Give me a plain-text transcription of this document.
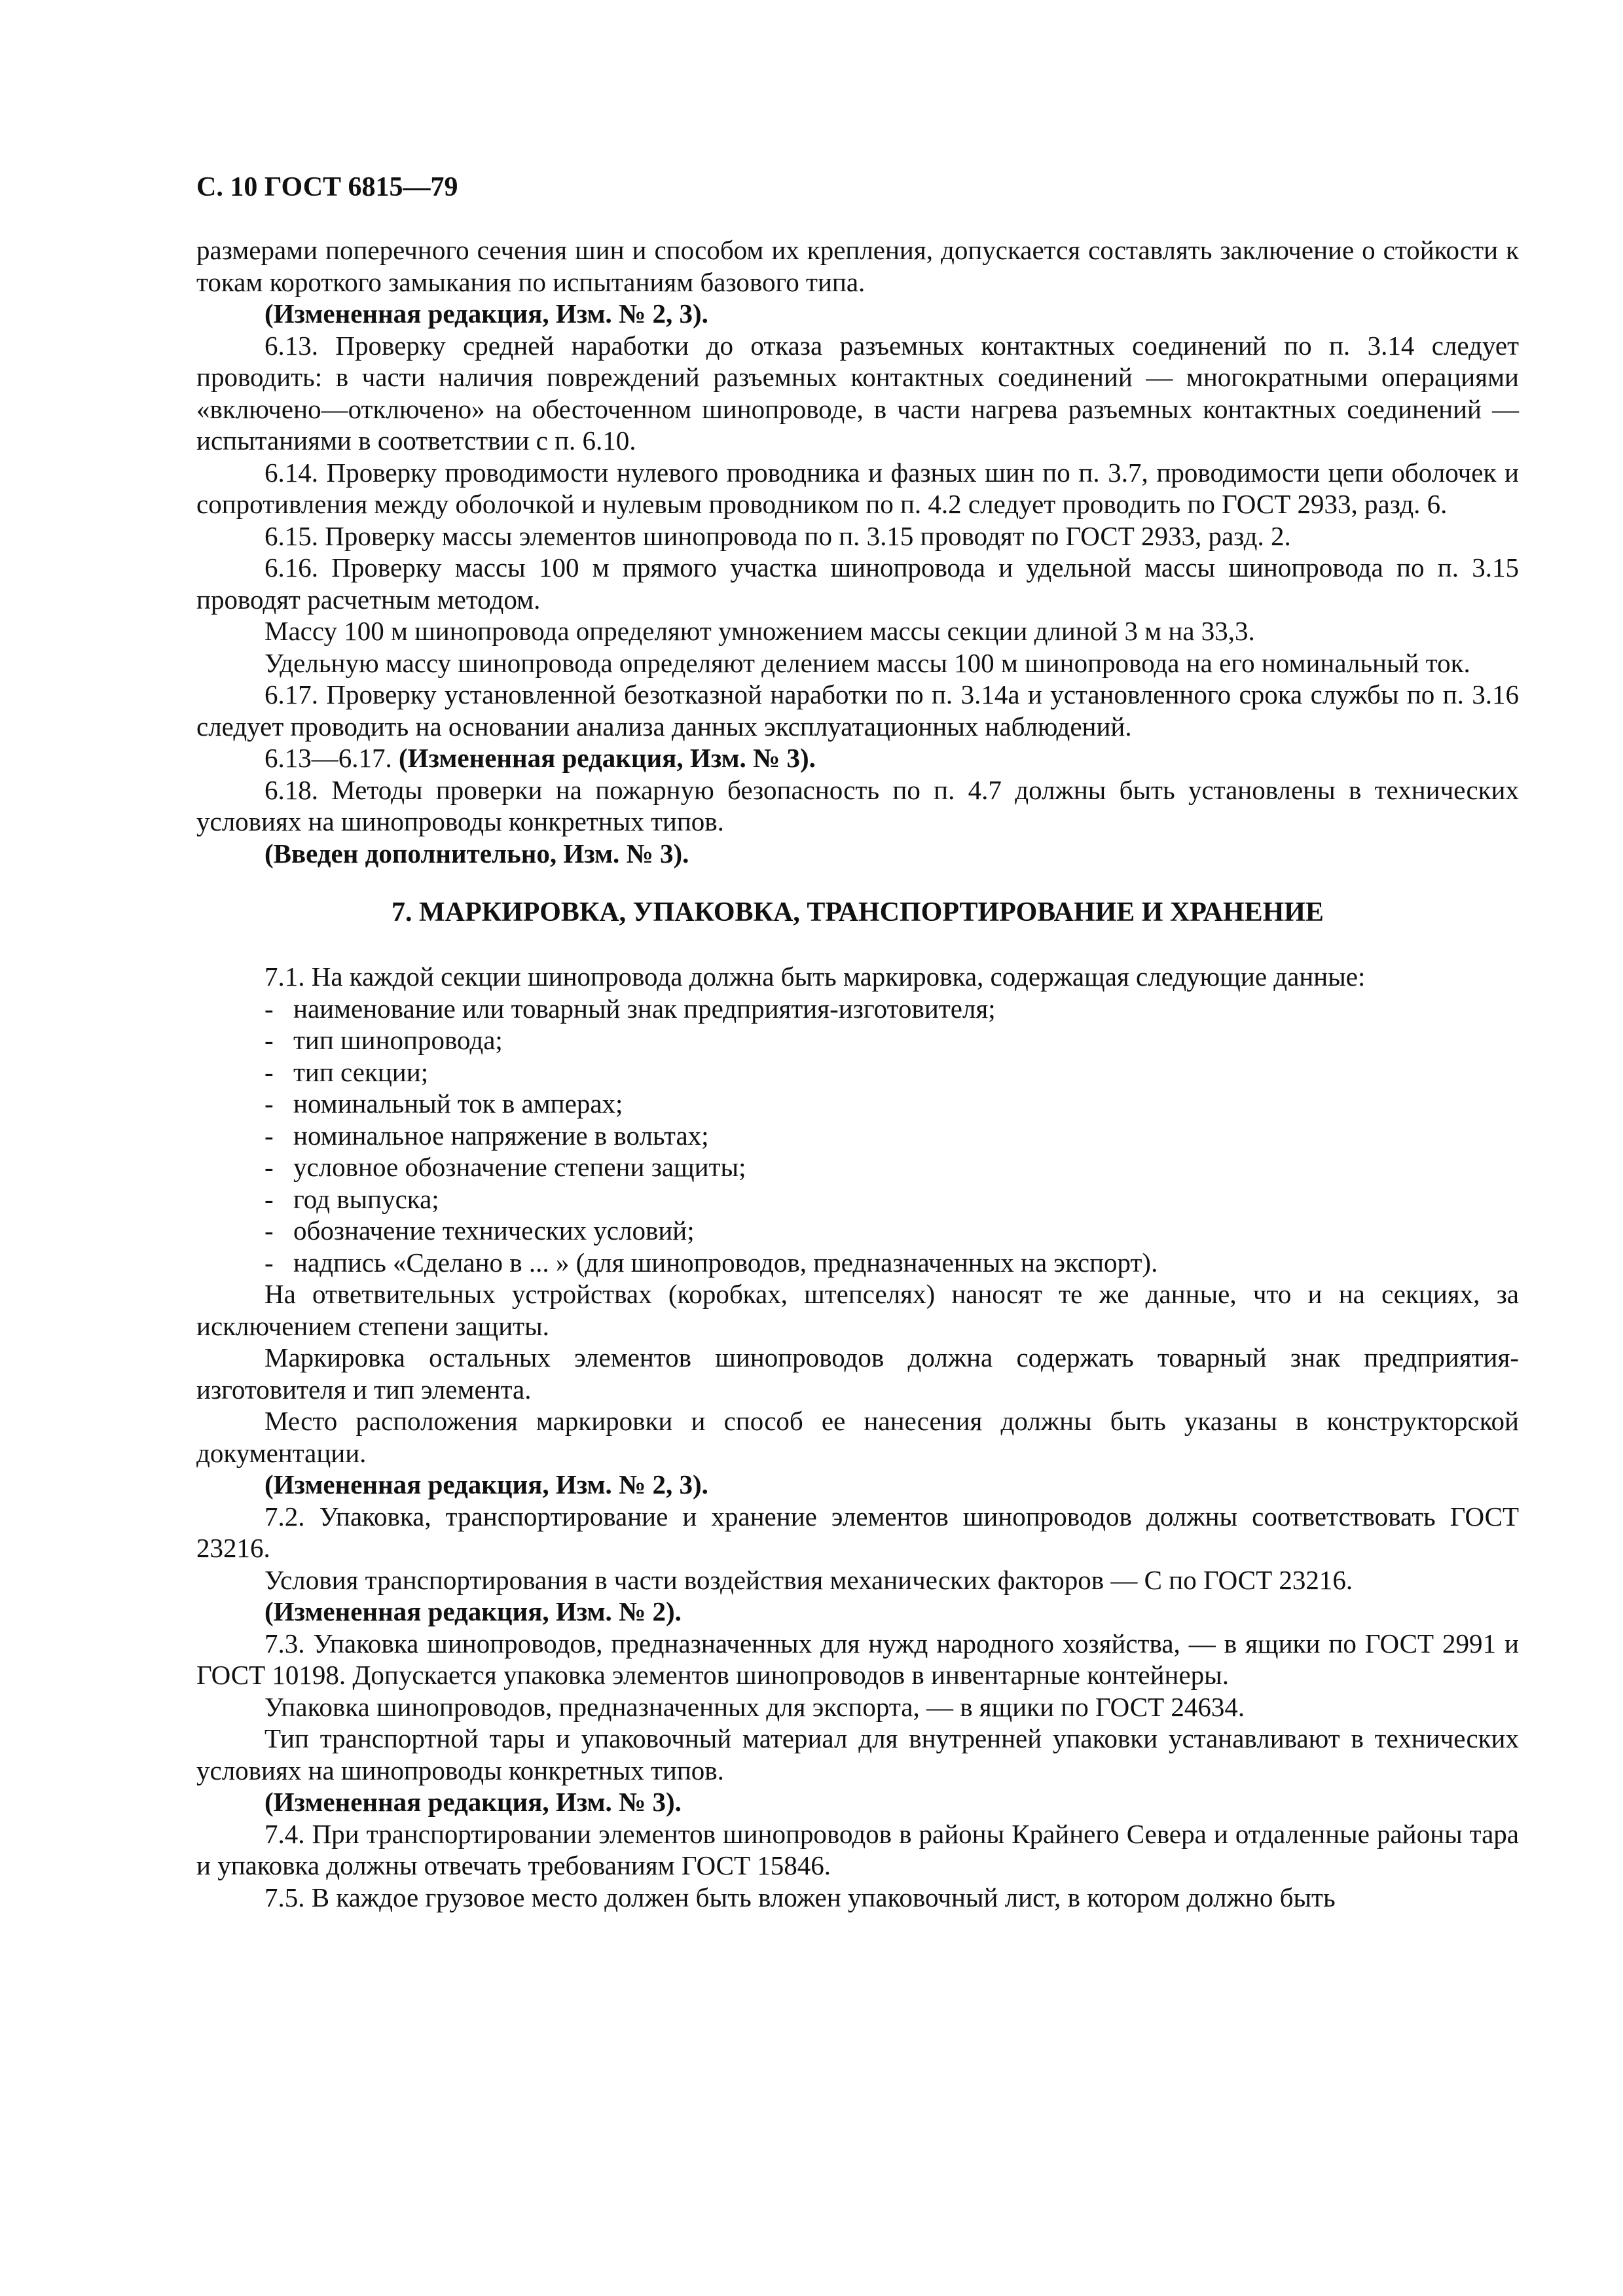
С. 10 ГОСТ 6815—79

размерами поперечного сечения шин и способом их крепления, допускается составлять заключение о стойкости к токам короткого замыкания по испытаниям базового типа.

(Измененная редакция, Изм. № 2, 3).

6.13. Проверку средней наработки до отказа разъемных контактных соединений по п. 3.14 следует проводить: в части наличия повреждений разъемных контактных соединений — многократными операциями «включено—отключено» на обесточенном шинопроводе, в части нагрева разъемных контактных соединений — испытаниями в соответствии с п. 6.10.

6.14. Проверку проводимости нулевого проводника и фазных шин по п. 3.7, проводимости цепи оболочек и сопротивления между оболочкой и нулевым проводником по п. 4.2 следует проводить по ГОСТ 2933, разд. 6.

6.15. Проверку массы элементов шинопровода по п. 3.15 проводят по ГОСТ 2933, разд. 2.

6.16. Проверку массы 100 м прямого участка шинопровода и удельной массы шинопровода по п. 3.15 проводят расчетным методом.

Массу 100 м шинопровода определяют умножением массы секции длиной 3 м на 33,3.

Удельную массу шинопровода определяют делением массы 100 м шинопровода на его номинальный ток.

6.17. Проверку установленной безотказной наработки по п. 3.14а и установленного срока службы по п. 3.16 следует проводить на основании анализа данных эксплуатационных наблюдений.

6.13—6.17. (Измененная редакция, Изм. № 3).

6.18. Методы проверки на пожарную безопасность по п. 4.7 должны быть установлены в технических условиях на шинопроводы конкретных типов.

(Введен дополнительно, Изм. № 3).

7. МАРКИРОВКА, УПАКОВКА, ТРАНСПОРТИРОВАНИЕ И ХРАНЕНИЕ

7.1. На каждой секции шинопровода должна быть маркировка, содержащая следующие данные:

- наименование или товарный знак предприятия-изготовителя;
- тип шинопровода;
- тип секции;
- номинальный ток в амперах;
- номинальное напряжение в вольтах;
- условное обозначение степени защиты;
- год выпуска;
- обозначение технических условий;
- надпись «Сделано в ... » (для шинопроводов, предназначенных на экспорт).

На ответвительных устройствах (коробках, штепселях) наносят те же данные, что и на секциях, за исключением степени защиты.

Маркировка остальных элементов шинопроводов должна содержать товарный знак предприятия-изготовителя и тип элемента.

Место расположения маркировки и способ ее нанесения должны быть указаны в конструкторской документации.

(Измененная редакция, Изм. № 2, 3).

7.2. Упаковка, транспортирование и хранение элементов шинопроводов должны соответствовать ГОСТ 23216.

Условия транспортирования в части воздействия механических факторов — С по ГОСТ 23216.

(Измененная редакция, Изм. № 2).

7.3. Упаковка шинопроводов, предназначенных для нужд народного хозяйства, — в ящики по ГОСТ 2991 и ГОСТ 10198. Допускается упаковка элементов шинопроводов в инвентарные контейнеры.

Упаковка шинопроводов, предназначенных для экспорта, — в ящики по ГОСТ 24634.

Тип транспортной тары и упаковочный материал для внутренней упаковки устанавливают в технических условиях на шинопроводы конкретных типов.

(Измененная редакция, Изм. № 3).

7.4. При транспортировании элементов шинопроводов в районы Крайнего Севера и отдаленные районы тара и упаковка должны отвечать требованиям ГОСТ 15846.

7.5. В каждое грузовое место должен быть вложен упаковочный лист, в котором должно быть
